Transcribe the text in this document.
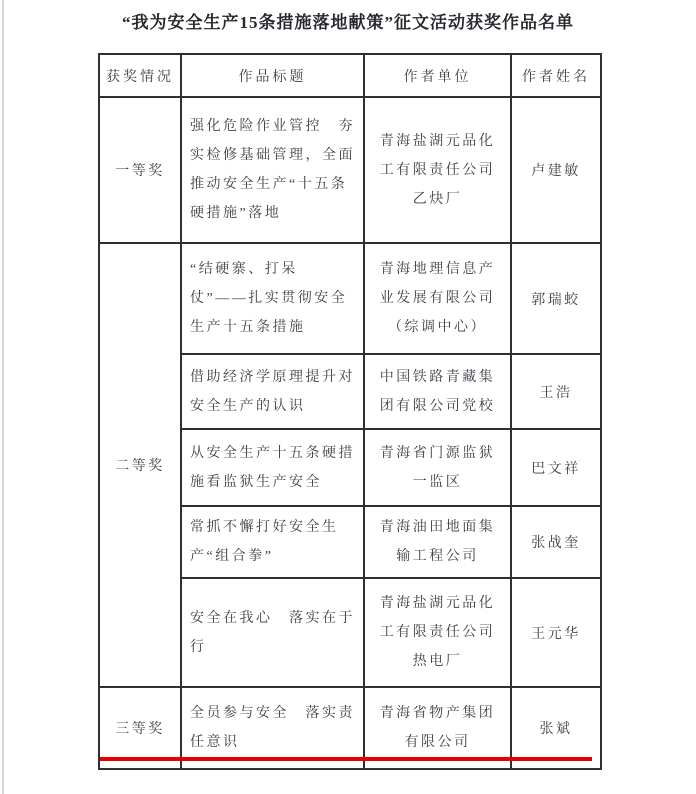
“我为安全生产15条措施落地献策”征文活动获奖作品名单
获奖情况	作品标题	作者单位	作者姓名
一等奖	强化危险作业管控　夯实检修基础管理，全面推动安全生产“十五条硬措施”落地	青海盐湖元品化工有限责任公司乙炔厂	卢建敏
二等奖	“结硬寨、打呆仗”——扎实贯彻安全生产十五条措施	青海地理信息产业发展有限公司（综调中心）	郭瑞蛟
	借助经济学原理提升对安全生产的认识	中国铁路青藏集团有限公司党校	王浩
	从安全生产十五条硬措施看监狱生产安全	青海省门源监狱一监区	巴文祥
	常抓不懈打好安全生产“组合拳”	青海油田地面集输工程公司	张战奎
	安全在我心　落实在于行	青海盐湖元品化工有限责任公司热电厂	王元华
三等奖	全员参与安全　落实责任意识	青海省物产集团有限公司	张斌
